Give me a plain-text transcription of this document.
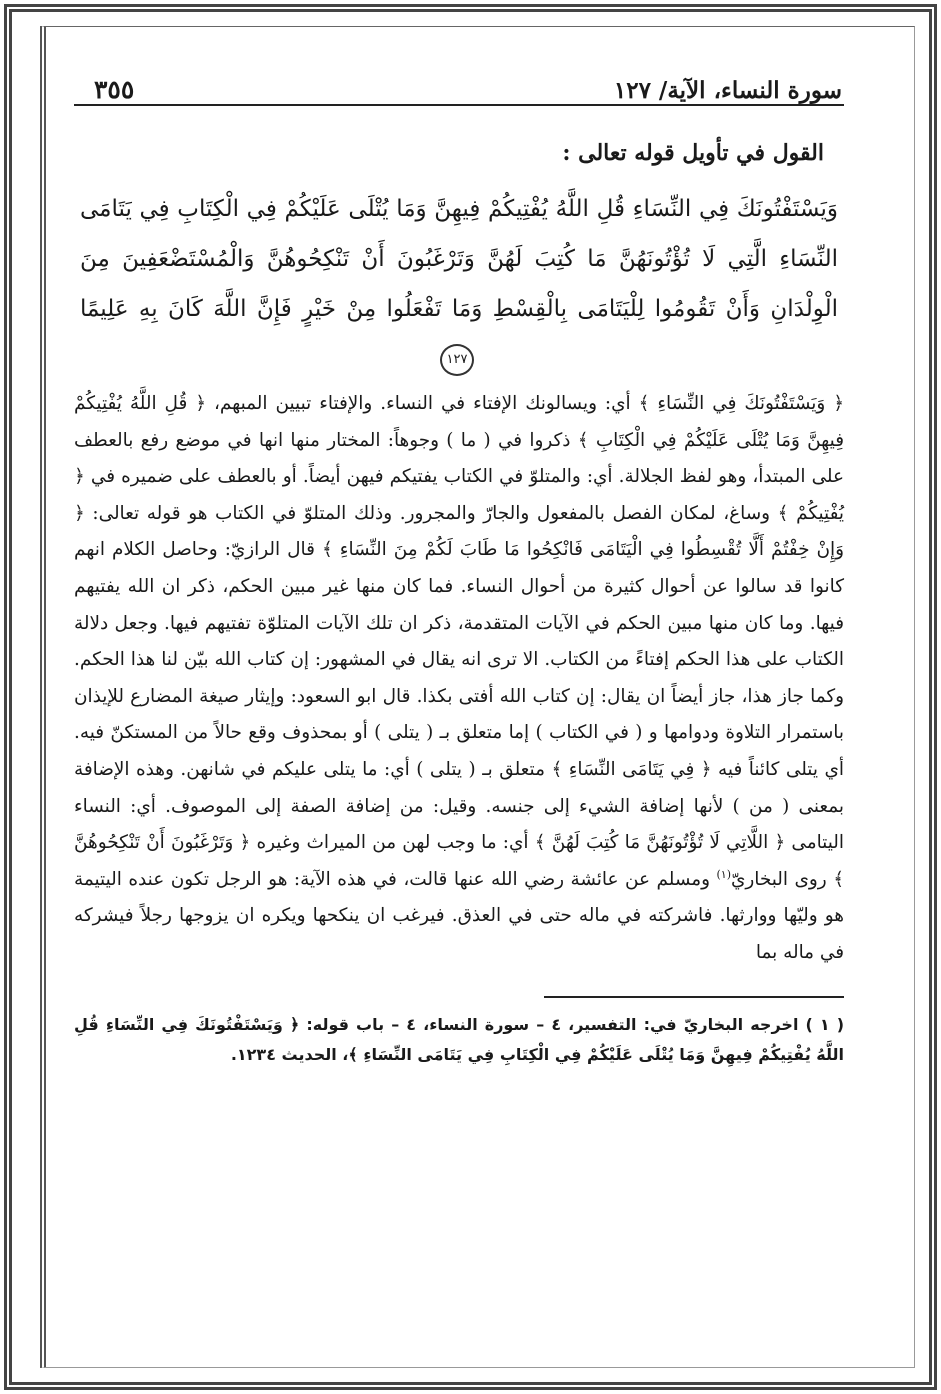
سورة النساء، الآية/ ١٢٧
٣٥٥
القول في تأويل قوله تعالى :
وَيَسْتَفْتُونَكَ فِي النِّسَاءِ قُلِ اللَّهُ يُفْتِيكُمْ فِيهِنَّ وَمَا يُتْلَى عَلَيْكُمْ فِي الْكِتَابِ فِي يَتَامَى النِّسَاءِ الَّتِي لَا تُؤْتُونَهُنَّ مَا كُتِبَ لَهُنَّ وَتَرْغَبُونَ أَنْ تَنْكِحُوهُنَّ وَالْمُسْتَضْعَفِينَ مِنَ الْوِلْدَانِ وَأَنْ تَقُومُوا لِلْيَتَامَى بِالْقِسْطِ وَمَا تَفْعَلُوا مِنْ خَيْرٍ فَإِنَّ اللَّهَ كَانَ بِهِ عَلِيمًا ١٢٧

﴿ وَيَسْتَفْتُونَكَ فِي النِّسَاءِ ﴾ أي: ويسالونك الإفتاء في النساء. والإفتاء تبيين المبهم، ﴿ قُلِ اللَّهُ يُفْتِيكُمْ فِيهِنَّ وَمَا يُتْلَى عَلَيْكُمْ فِي الْكِتَابِ ﴾ ذكروا في ( ما ) وجوهاً: المختار منها انها في موضع رفع بالعطف على المبتدأ، وهو لفظ الجلالة. أي: والمتلوّ في الكتاب يفتيكم فيهن أيضاً. أو بالعطف على ضميره في ﴿ يُفْتِيكُمْ ﴾ وساغ، لمكان الفصل بالمفعول والجارّ والمجرور. وذلك المتلوّ في الكتاب هو قوله تعالى: ﴿ وَإِنْ خِفْتُمْ أَلَّا تُقْسِطُوا فِي الْيَتَامَى فَانْكِحُوا مَا طَابَ لَكُمْ مِنَ النِّسَاءِ ﴾ قال الرازيّ: وحاصل الكلام انهم كانوا قد سالوا عن أحوال كثيرة من أحوال النساء. فما كان منها غير مبين الحكم، ذكر ان الله يفتيهم فيها. وما كان منها مبين الحكم في الآيات المتقدمة، ذكر ان تلك الآيات المتلوّة تفتيهم فيها. وجعل دلالة الكتاب على هذا الحكم إفتاءً من الكتاب. الا ترى انه يقال في المشهور: إن كتاب الله بيّن لنا هذا الحكم. وكما جاز هذا، جاز أيضاً ان يقال: إن كتاب الله أفتى بكذا. قال ابو السعود: وإيثار صيغة المضارع للإيذان باستمرار التلاوة ودوامها و ( في الكتاب ) إما متعلق بـ ( يتلى ) أو بمحذوف وقع حالاً من المستكنّ فيه. أي يتلى كائناً فيه ﴿ فِي يَتَامَى النِّسَاءِ ﴾ متعلق بـ ( يتلى ) أي: ما يتلى عليكم في شانهن. وهذه الإضافة بمعنى ( من ) لأنها إضافة الشيء إلى جنسه. وقيل: من إضافة الصفة إلى الموصوف. أي: النساء اليتامى ﴿ اللَّاتِي لَا تُؤْتُونَهُنَّ مَا كُتِبَ لَهُنَّ ﴾ أي: ما وجب لهن من الميراث وغيره ﴿ وَتَرْغَبُونَ أَنْ تَنْكِحُوهُنَّ ﴾ روى البخاريّ$^{(١)}$ ومسلم عن عائشة رضي الله عنها قالت، في هذه الآية: هو الرجل تكون عنده اليتيمة هو وليّها ووارثها. فاشركته في ماله حتى في العذق. فيرغب ان ينكحها ويكره ان يزوجها رجلاً فيشركه في ماله بما

( ١ ) اخرجه البخاريّ في: التفسير، ٤ – سورة النساء، ٤ – باب قوله: ﴿ وَيَسْتَفْتُونَكَ فِي النِّسَاءِ قُلِ اللَّهُ يُفْتِيكُمْ فِيهِنَّ وَمَا يُتْلَى عَلَيْكُمْ فِي الْكِتَابِ فِي يَتَامَى النِّسَاءِ ﴾، الحديث ١٢٣٤.
